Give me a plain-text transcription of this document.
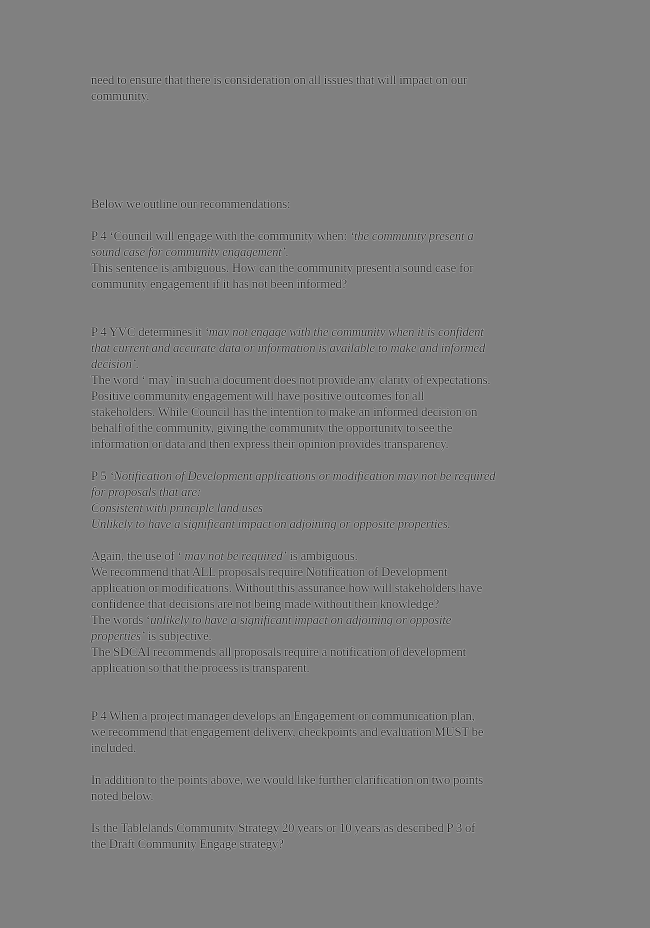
need to ensure that there is consideration on all issues that will impact on our
community.

Below we outline our recommendations:

P 4 ‘Council will engage with the community when: ‘the community present a
sound case for community engagement’.
This sentence is ambiguous. How can the community present a sound case for
community engagement if it has not been informed?

P 4 YVC determines it ‘may not engage with the community when it is confident
that current and accurate data or information is available to make and informed
decision’.
The word ‘ may’ in such a document does not provide any clarity of expectations.
Positive community engagement will have positive outcomes for all
stakeholders. While Council has the intention to make an informed decision on
behalf of the community, giving the community the opportunity to see the
information or data and then express their opinion provides transparency.

P 5 ‘Notification of Development applications or modification may not be required
for proposals that are:
Consistent with principle land uses
Unlikely to have a significant impact on adjoining or opposite properties.

Again, the use of ‘ may not be required’ is ambiguous.
We recommend that ALL proposals require Notification of Development
application or modifications. Without this assurance how will stakeholders have
confidence that decisions are not being made without their knowledge?
The words ‘unlikely to have a significant impact on adjoining or opposite
properties’ is subjective.
The SDCAI recommends all proposals require a notification of development
application so that the process is transparent.

P 4 When a project manager develops an Engagement or communication plan,
we recommend that engagement delivery, checkpoints and evaluation MUST be
included.

In addition to the points above, we would like further clarification on two points
noted below.

Is the Tablelands Community Strategy 20 years or 10 years as described P 3 of
the Draft Community Engage strategy?
